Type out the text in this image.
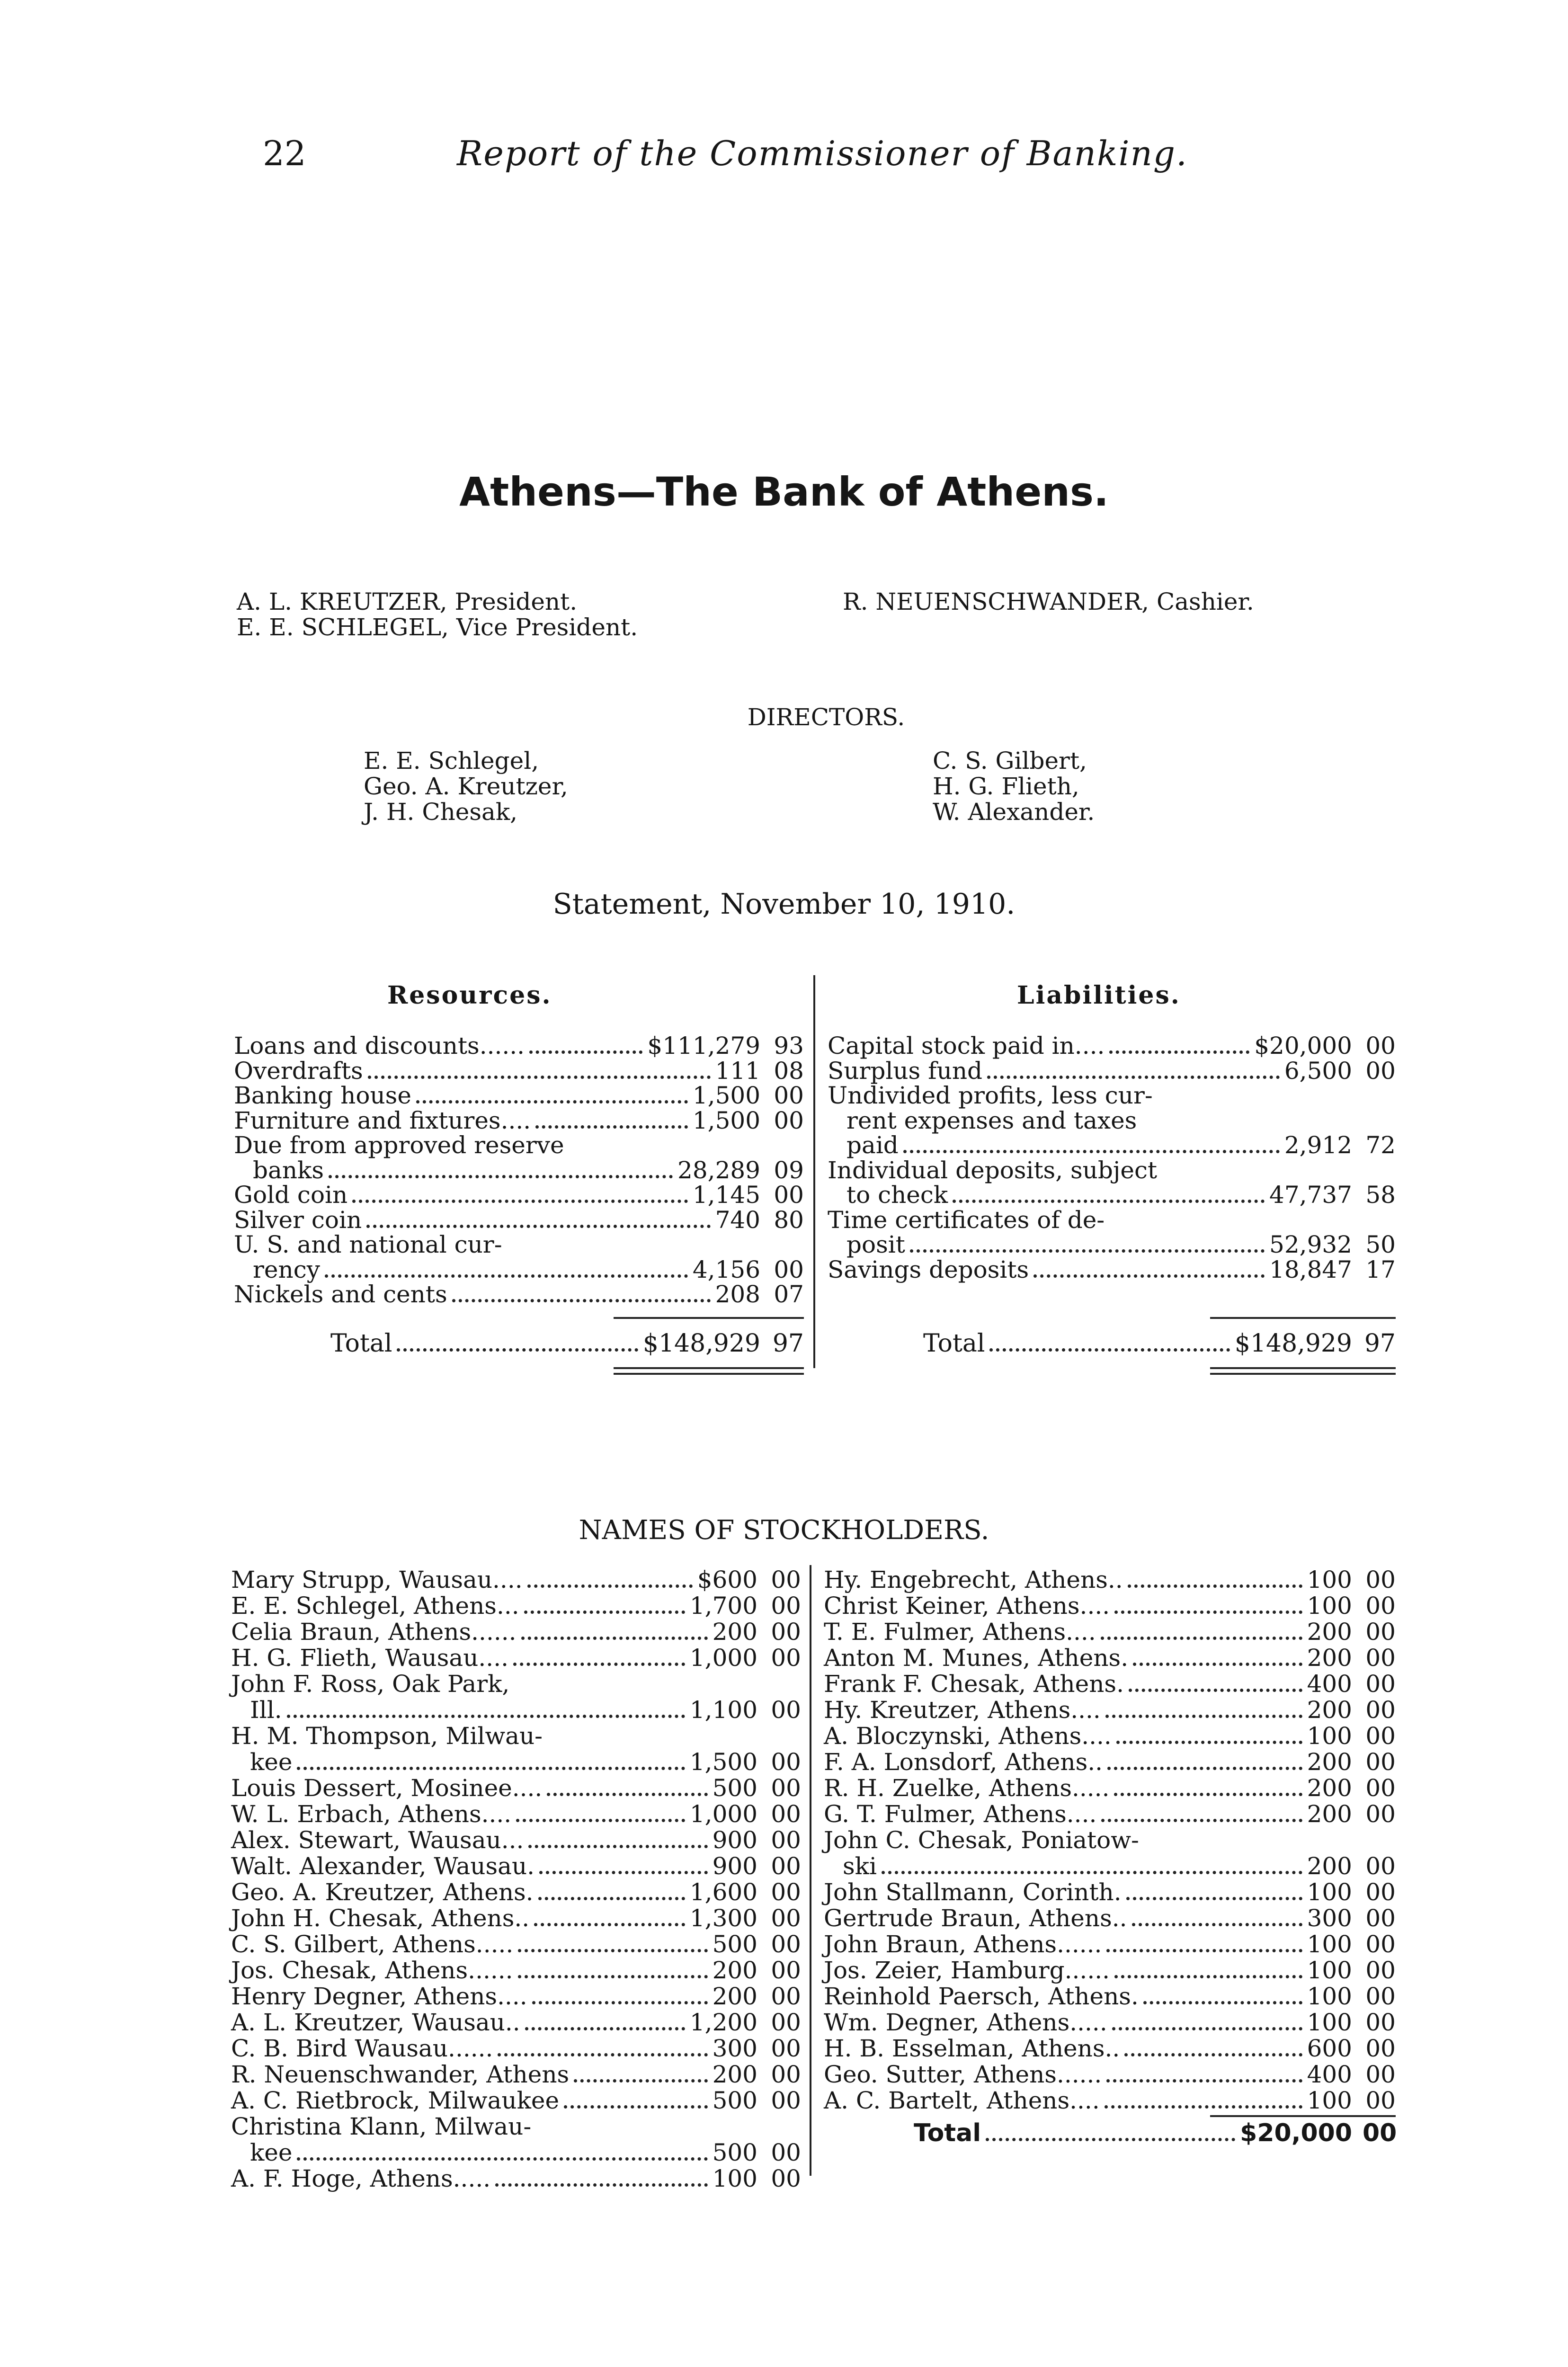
22	Report of the Commissioner of Banking.
Athens—The Bank of Athens.
A. L. KREUTZER, President.
E. E. SCHLEGEL, Vice President.
R. NEUENSCHWANDER, Cashier.
DIRECTORS.
E. E. Schlegel,
Geo. A. Kreutzer,
J. H. Chesak,
C. S. Gilbert,
H. G. Flieth,
W. Alexander.
Statement, November 10, 1910.
Resources.	Liabilities.
Loans and discounts......	$111,279 93
Overdrafts	111 08
Banking house	1,500 00
Furniture and fixtures....	1,500 00
Due from approved reserve
banks	28,289 09
Gold coin	1,145 00
Silver coin	740 80
U. S. and national cur-
rency	4,156 00
Nickels and cents	208 07
Capital stock paid in....	$20,000 00
Surplus fund	6,500 00
Undivided profits, less cur-
rent expenses and taxes
paid	2,912 72
Individual deposits, subject
to check	47,737 58
Time certificates of de-
posit	52,932 50
Savings deposits	18,847 17
Total	$148,929 97	Total	$148,929 97
NAMES OF STOCKHOLDERS.
Mary Strupp, Wausau....	$600 00
E. E. Schlegel, Athens...	1,700 00
Celia Braun, Athens......	200 00
H. G. Flieth, Wausau....	1,000 00
John F. Ross, Oak Park,
Ill.	1,100 00
H. M. Thompson, Milwau-
kee	1,500 00
Louis Dessert, Mosinee....	500 00
W. L. Erbach, Athens....	1,000 00
Alex. Stewart, Wausau...	900 00
Walt. Alexander, Wausau.	900 00
Geo. A. Kreutzer, Athens.	1,600 00
John H. Chesak, Athens..	1,300 00
C. S. Gilbert, Athens.....	500 00
Jos. Chesak, Athens......	200 00
Henry Degner, Athens....	200 00
A. L. Kreutzer, Wausau..	1,200 00
C. B. Bird Wausau......	300 00
R. Neuenschwander, Athens	200 00
A. C. Rietbrock, Milwaukee	500 00
Christina Klann, Milwau-
kee	500 00
A. F. Hoge, Athens.....	100 00
Hy. Engebrecht, Athens..	100 00
Christ Keiner, Athens....	100 00
T. E. Fulmer, Athens....	200 00
Anton M. Munes, Athens.	200 00
Frank F. Chesak, Athens.	400 00
Hy. Kreutzer, Athens....	200 00
A. Bloczynski, Athens....	100 00
F. A. Lonsdorf, Athens..	200 00
R. H. Zuelke, Athens.....	200 00
G. T. Fulmer, Athens....	200 00
John C. Chesak, Poniatow-
ski	200 00
John Stallmann, Corinth.	100 00
Gertrude Braun, Athens..	300 00
John Braun, Athens......	100 00
Jos. Zeier, Hamburg......	100 00
Reinhold Paersch, Athens.	100 00
Wm. Degner, Athens.....	100 00
H. B. Esselman, Athens..	600 00
Geo. Sutter, Athens......	400 00
A. C. Bartelt, Athens....	100 00
Total	$20,000 00
